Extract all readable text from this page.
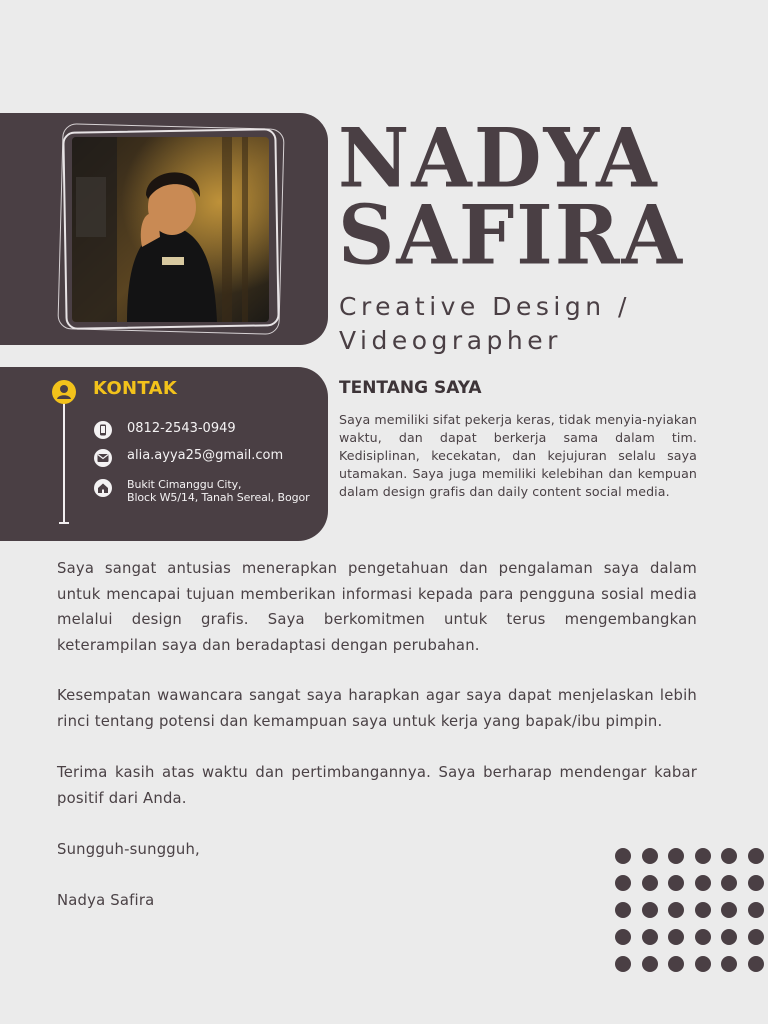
NADYA
SAFIRA

Creative Design / Videographer

KONTAK

0812-2543-0949

alia.ayya25@gmail.com

Bukit Cimanggu City,

Block W5/14, Tanah Sereal, Bogor

TENTANG SAYA

Saya memiliki sifat pekerja keras, tidak menyia-nyiakan waktu, dan dapat berkerja sama dalam tim. Kedisiplinan, kecekatan, dan kejujuran selalu saya utamakan. Saya juga memiliki kelebihan dan kempuan dalam design grafis dan daily content social media.

Saya sangat antusias menerapkan pengetahuan dan pengalaman saya dalam untuk mencapai tujuan memberikan informasi kepada para pengguna sosial media melalui design grafis. Saya berkomitmen untuk terus mengembangkan keterampilan saya dan beradaptasi dengan perubahan.

Kesempatan wawancara sangat saya harapkan agar saya dapat menjelaskan lebih rinci tentang potensi dan kemampuan saya untuk kerja yang bapak/ibu pimpin.

Terima kasih atas waktu dan pertimbangannya. Saya berharap mendengar kabar positif dari Anda.

Sungguh-sungguh,

Nadya Safira
